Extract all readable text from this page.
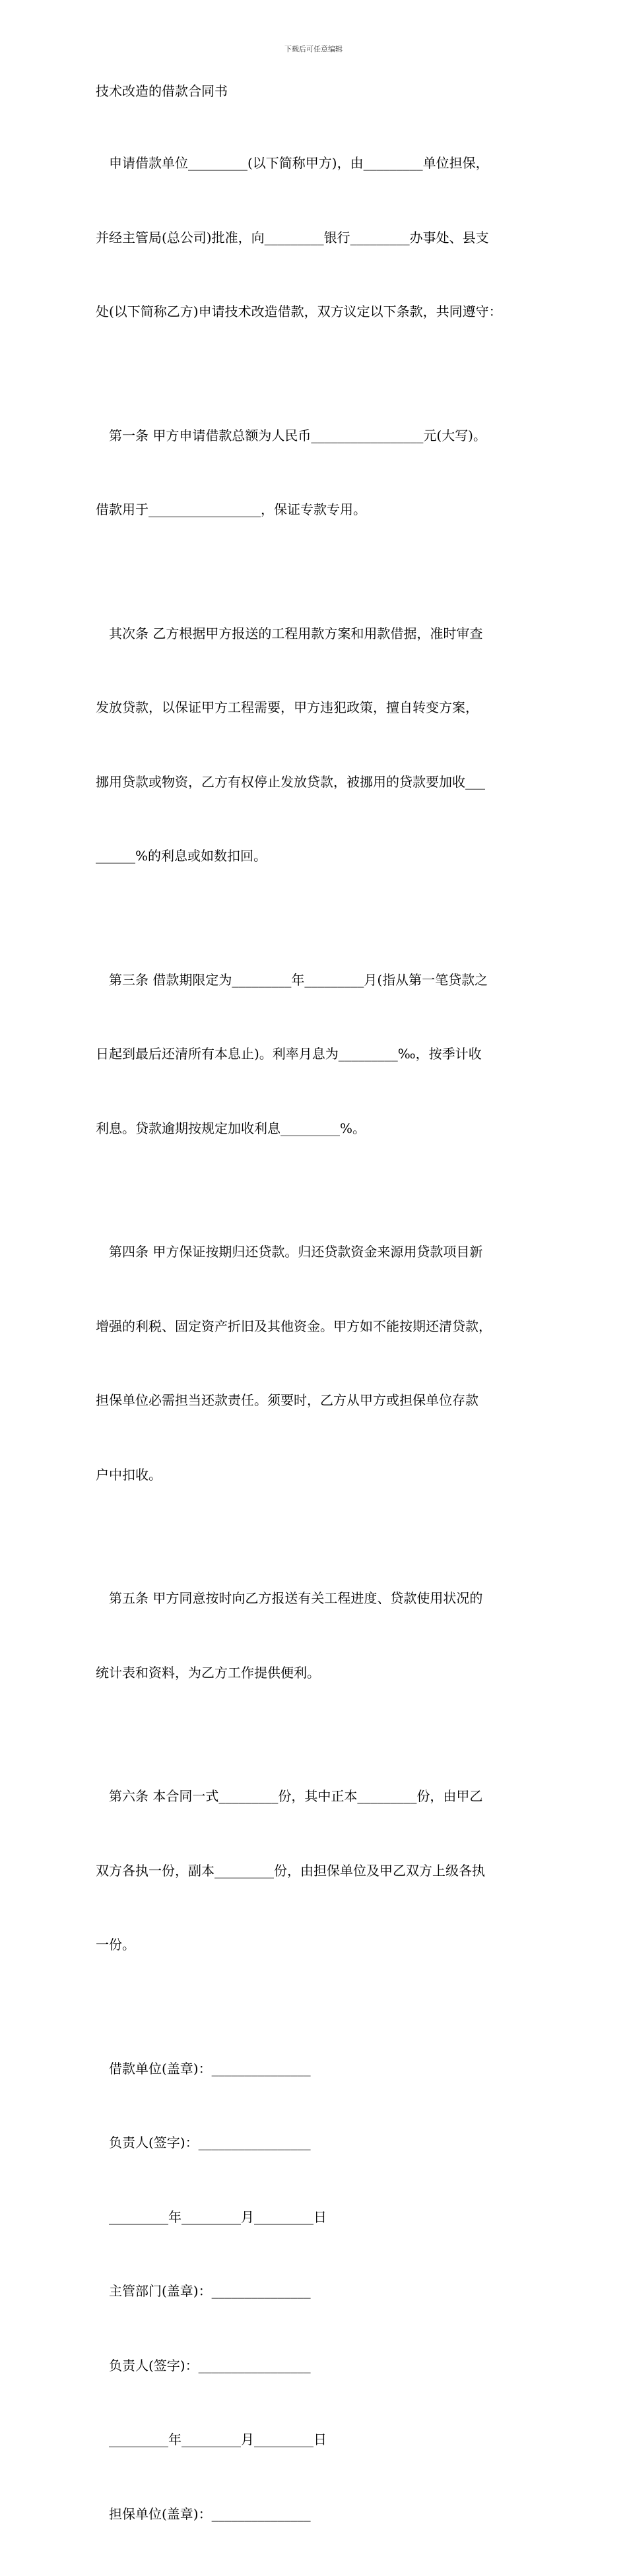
下载后可任意编辑

技术改造的借款合同书

申请借款单位_________(以下简称甲方)，由_________单位担保，

并经主管局(总公司)批准，向_________银行_________办事处、县支

处(以下简称乙方)申请技术改造借款，双方议定以下条款，共同遵守：

第一条 甲方申请借款总额为人民币_________________元(大写)。

借款用于_________________，保证专款专用。

其次条 乙方根据甲方报送的工程用款方案和用款借据，准时审查

发放贷款，以保证甲方工程需要，甲方违犯政策，擅自转变方案，

挪用贷款或物资，乙方有权停止发放贷款，被挪用的贷款要加收___

______%的利息或如数扣回。

第三条 借款期限定为_________年_________月(指从第一笔贷款之

日起到最后还清所有本息止)。利率月息为_________‰，按季计收

利息。贷款逾期按规定加收利息_________%。

第四条 甲方保证按期归还贷款。归还贷款资金来源用贷款项目新

增强的利税、固定资产折旧及其他资金。甲方如不能按期还清贷款，

担保单位必需担当还款责任。须要时，乙方从甲方或担保单位存款

户中扣收。

第五条 甲方同意按时向乙方报送有关工程进度、贷款使用状况的

统计表和资料，为乙方工作提供便利。

第六条 本合同一式_________份，其中正本_________份，由甲乙

双方各执一份，副本_________份，由担保单位及甲乙双方上级各执

一份。

借款单位(盖章)：_______________

负责人(签字)：_________________

_________年_________月_________日

主管部门(盖章)：_______________

负责人(签字)：_________________

_________年_________月_________日

担保单位(盖章)：_______________
